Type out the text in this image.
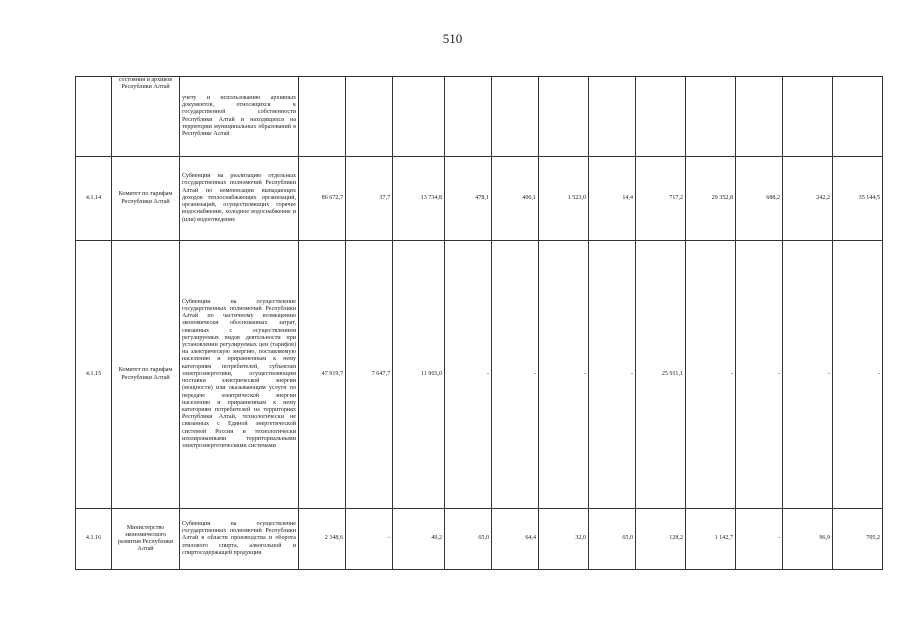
510
	состояния и архивов Республики Алтай	учету и использованию архивных документов, относящихся к государственной собственности Республики Алтай и находящихся на территории муниципальных образований в Республике Алтай												
4.1.14	Комитет по тарифам Республики Алтай	Субвенции на реализацию отдельных государственных полномочий Республики Алтай по компенсации выпадающих доходов теплоснабжающих организаций, организаций, осуществляющих горячее водоснабжение, холодное водоснабжение и (или) водоотведение	86 672,7	37,7	13 734,8	478,1	406,1	1 523,0	14,4	717,2	29 352,8	688,2	242,2	35 144,5
4.1.15	Комитет по тарифам Республики Алтай	Субвенции на осуществление государственных полномочий Республики Алтай по частичному возмещению экономически обоснованных затрат, связанных с осуществлением регулируемых видов деятельности при установлении регулируемых цен (тарифов) на электрическую энергию, поставляемую населению и приравненным к нему категориям потребителей, субъектам электроэнергетики, осуществляющим поставки электрической энергии (мощности) или оказывающим услуги по передаче электрической энергии населению и приравненным к нему категориям потребителей на территориях Республики Алтай, технологически не связанных с Единой энергетической системой России и технологически изолированными территориальными электроэнергетическими системами	47 919,7	7 647,7	11 965,0	-	-	-	-	25 911,1	-	-	-	-
4.1.16	Министерство экономического развития Республики Алтай	Субвенции на осуществление государственных полномочий Республики Алтай в области производства и оборота этилового спирта, алкогольной и спиртосодержащей продукции	2 348,6	-	49,2	65,0	64,4	32,0	65,0	128,2	1 142,7	-	96,9	705,2
